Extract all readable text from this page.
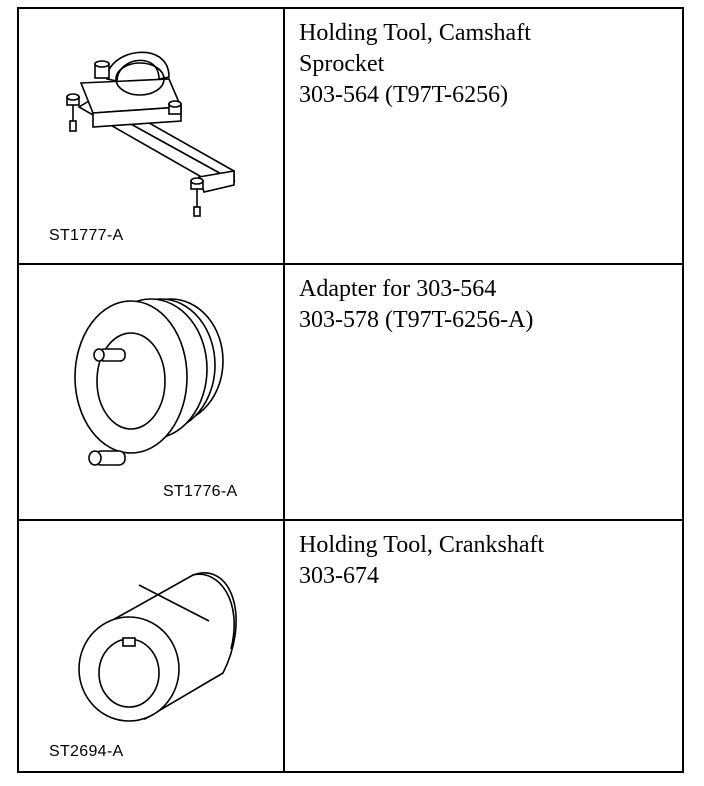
ST1777-A
Holding Tool, Camshaft
Sprocket
303-564 (T97T-6256)
ST1776-A
Adapter for 303-564
303-578 (T97T-6256-A)
ST2694-A
Holding Tool, Crankshaft
303-674
